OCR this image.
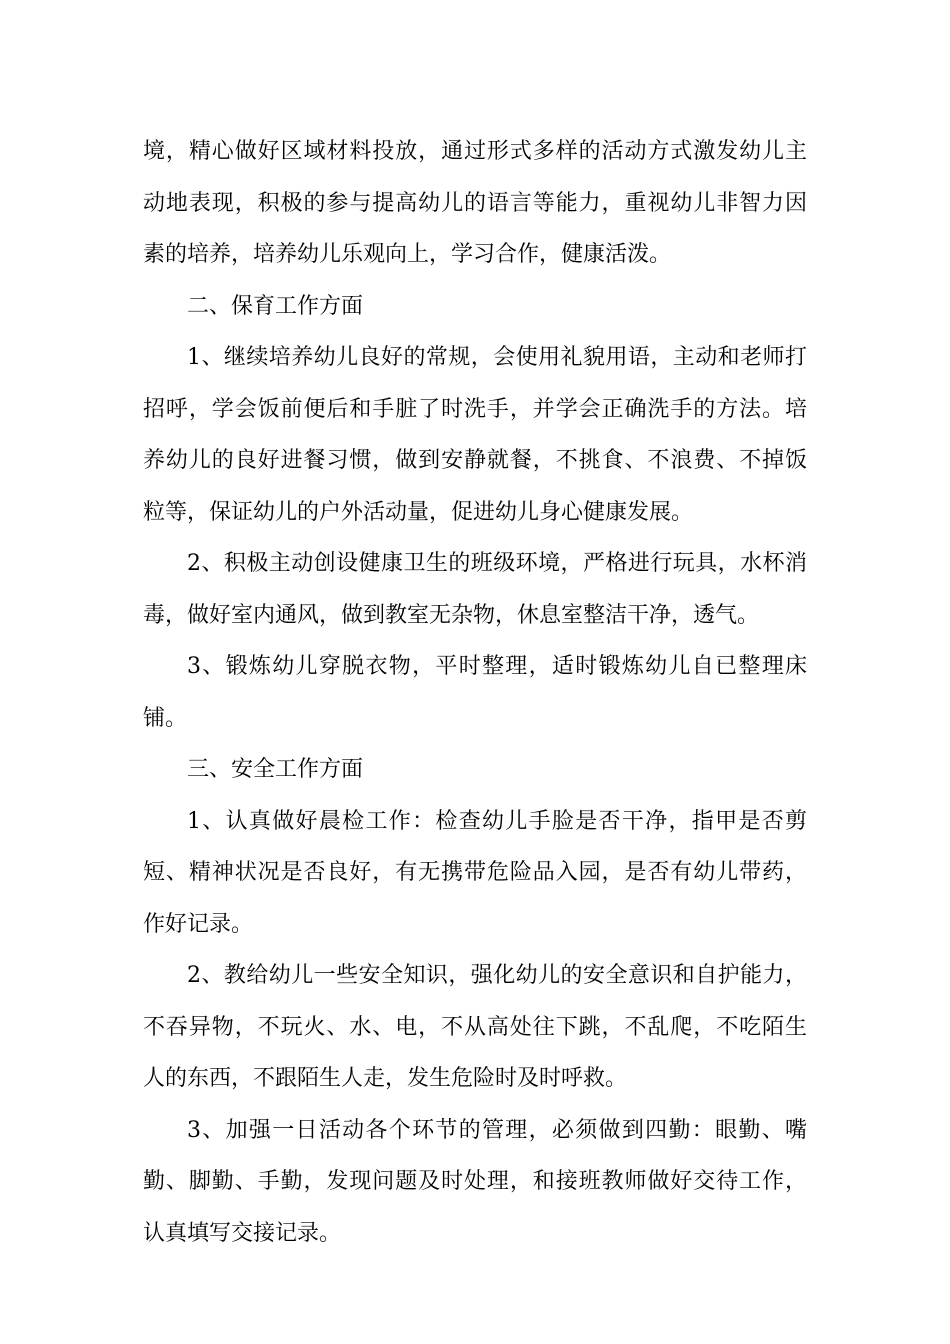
境，精心做好区域材料投放，通过形式多样的活动方式激发幼儿主
动地表现，积极的参与提高幼儿的语言等能力，重视幼儿非智力因
素的培养，培养幼儿乐观向上，学习合作，健康活泼。

二、保育工作方面

1、继续培养幼儿良好的常规，会使用礼貌用语，主动和老师打
招呼，学会饭前便后和手脏了时洗手，并学会正确洗手的方法。培
养幼儿的良好进餐习惯，做到安静就餐，不挑食、不浪费、不掉饭
粒等，保证幼儿的户外活动量，促进幼儿身心健康发展。

2、积极主动创设健康卫生的班级环境，严格进行玩具，水杯消
毒，做好室内通风，做到教室无杂物，休息室整洁干净，透气。

3、锻炼幼儿穿脱衣物，平时整理，适时锻炼幼儿自已整理床
铺。

三、安全工作方面

1、认真做好晨检工作：检查幼儿手脸是否干净，指甲是否剪
短、精神状况是否良好，有无携带危险品入园，是否有幼儿带药，
作好记录。

2、教给幼儿一些安全知识，强化幼儿的安全意识和自护能力，
不吞异物，不玩火、水、电，不从高处往下跳，不乱爬，不吃陌生
人的东西，不跟陌生人走，发生危险时及时呼救。

3、加强一日活动各个环节的管理，必须做到四勤：眼勤、嘴
勤、脚勤、手勤，发现问题及时处理，和接班教师做好交待工作，
认真填写交接记录。
